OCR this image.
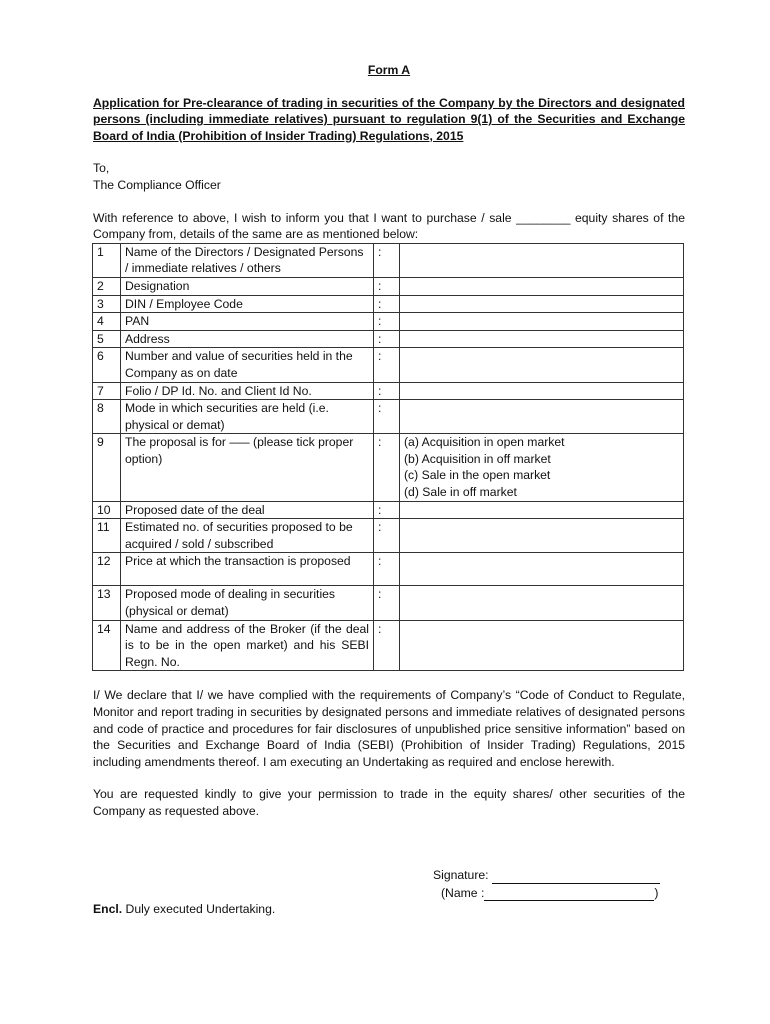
Form A

Application for Pre-clearance of trading in securities of the Company by the Directors and designated persons (including immediate relatives) pursuant to regulation 9(1) of the Securities and Exchange Board of India (Prohibition of Insider Trading) Regulations, 2015

To,
The Compliance Officer

With reference to above, I wish to inform you that I want to purchase / sale ________ equity shares of the Company from, details of the same are as mentioned below:

1	Name of the Directors / Designated Persons / immediate relatives / others	:	
2	Designation	:	
3	DIN / Employee Code	:	
4	PAN	:	
5	Address	:	
6	Number and value of securities held in the Company as on date	:	
7	Folio / DP Id. No. and Client Id No.	:	
8	Mode in which securities are held (i.e. physical or demat)	:	
9	The proposal is for ––– (please tick proper option)	:	(a) Acquisition in open market
(b) Acquisition in off market
(c) Sale in the open market
(d) Sale in off market

10	Proposed date of the deal	:	
11	Estimated no. of securities proposed to be acquired / sold / subscribed	:	
12	Price at which the transaction is proposed	:	
13	Proposed mode of dealing in securities (physical or demat)	:	
14	Name and address of the Broker (if the deal is to be in the open market) and his SEBI Regn. No.	:	

I/ We declare that I/ we have complied with the requirements of Company’s “Code of Conduct to Regulate, Monitor and report trading in securities by designated persons and immediate relatives of designated persons and code of practice and procedures for fair disclosures of unpublished price sensitive information” based on the Securities and Exchange Board of India (SEBI) (Prohibition of Insider Trading) Regulations, 2015 including amendments thereof. I am executing an Undertaking as required and enclose herewith.

You are requested kindly to give your permission to trade in the equity shares/ other securities of the Company as requested above.

Signature:
(Name :	)
Encl. Duly executed Undertaking.
